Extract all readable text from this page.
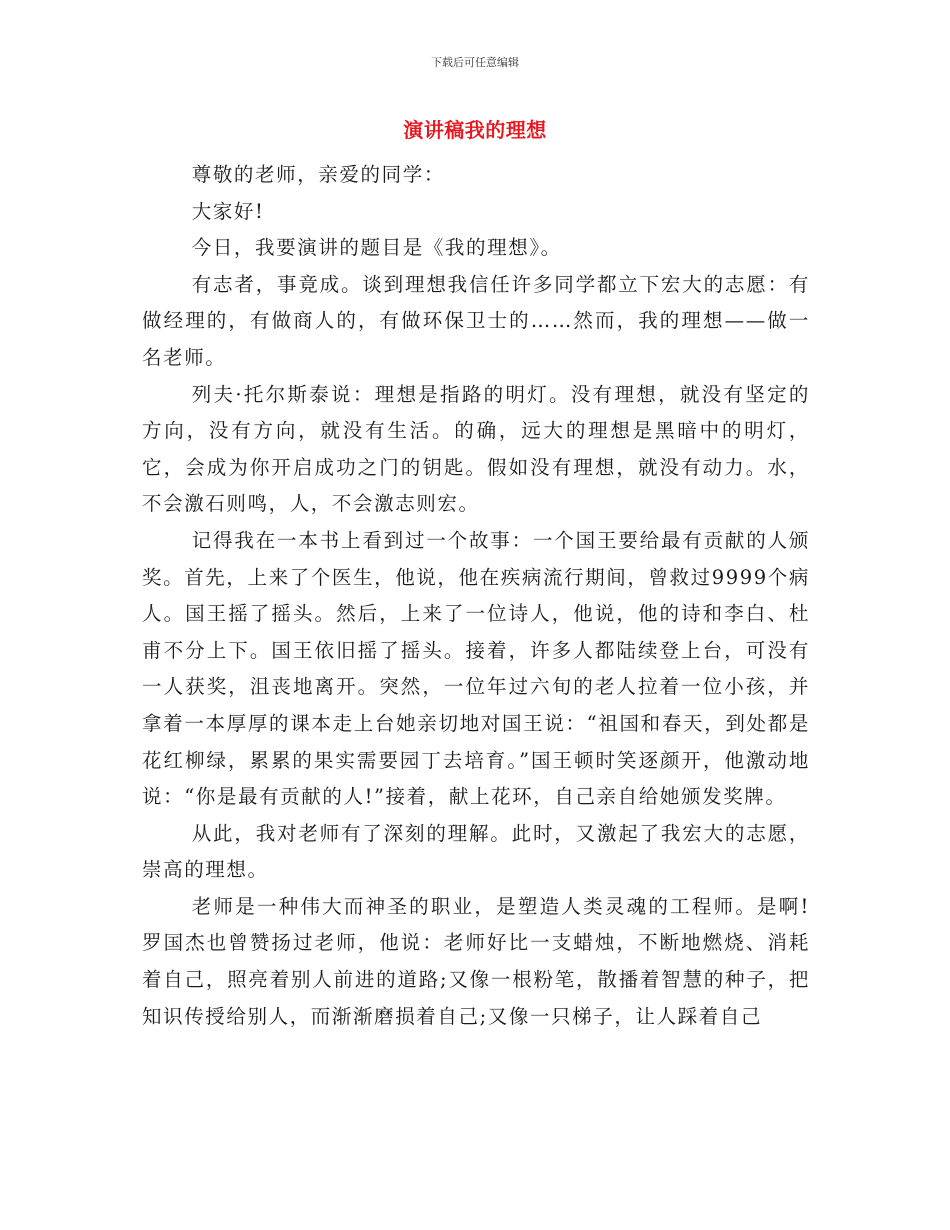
下载后可任意编辑
演讲稿我的理想

尊敬的老师，亲爱的同学：

大家好!

今日，我要演讲的题目是《我的理想》。

有志者，事竟成。谈到理想我信任许多同学都立下宏大的志愿：有做经理的，有做商人的，有做环保卫士的……然而，我的理想——做一名老师。

列夫·托尔斯泰说：理想是指路的明灯。没有理想，就没有坚定的方向，没有方向，就没有生活。的确，远大的理想是黑暗中的明灯，它，会成为你开启成功之门的钥匙。假如没有理想，就没有动力。水，不会激石则鸣，人，不会激志则宏。

记得我在一本书上看到过一个故事：一个国王要给最有贡献的人颁奖。首先，上来了个医生，他说，他在疾病流行期间，曾救过9999个病人。国王摇了摇头。然后，上来了一位诗人，他说，他的诗和李白、杜甫不分上下。国王依旧摇了摇头。接着，许多人都陆续登上台，可没有一人获奖，沮丧地离开。突然，一位年过六旬的老人拉着一位小孩，并拿着一本厚厚的课本走上台她亲切地对国王说：“祖国和春天，到处都是花红柳绿，累累的果实需要园丁去培育。”国王顿时笑逐颜开，他激动地说：“你是最有贡献的人!”接着，献上花环，自己亲自给她颁发奖牌。

从此，我对老师有了深刻的理解。此时，又激起了我宏大的志愿，崇高的理想。

老师是一种伟大而神圣的职业，是塑造人类灵魂的工程师。是啊!罗国杰也曾赞扬过老师，他说：老师好比一支蜡烛，不断地燃烧、消耗着自己，照亮着别人前进的道路;又像一根粉笔，散播着智慧的种子，把知识传授给别人，而渐渐磨损着自己;又像一只梯子，让人踩着自己
